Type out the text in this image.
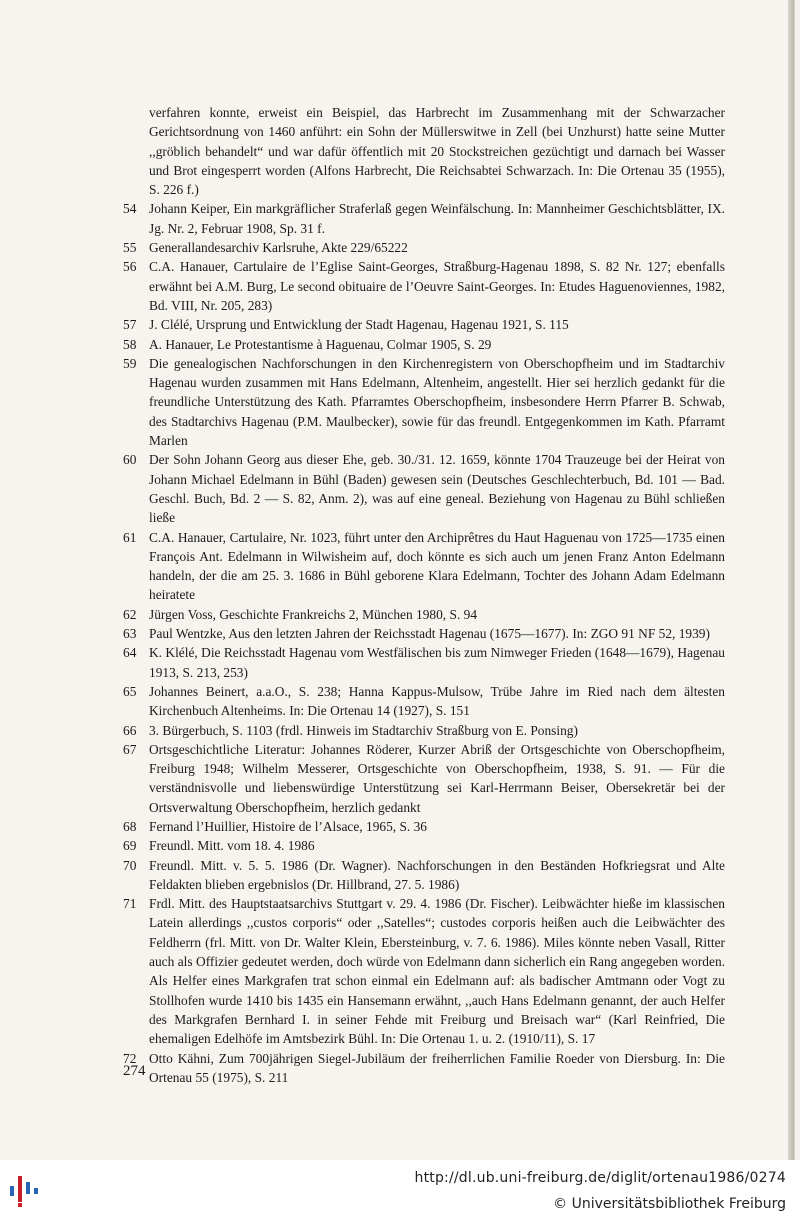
verfahren konnte, erweist ein Beispiel, das Harbrecht im Zusammenhang mit der Schwarzacher Gerichtsordnung von 1460 anführt: ein Sohn der Müllerswitwe in Zell (bei Unzhurst) hatte seine Mutter ,,gröblich behandelt“ und war dafür öffentlich mit 20 Stockstreichen gezüchtigt und darnach bei Wasser und Brot eingesperrt worden (Alfons Harbrecht, Die Reichsabtei Schwarzach. In: Die Ortenau 35 (1955), S. 226 f.)

54 Johann Keiper, Ein markgräflicher Straferlaß gegen Weinfälschung. In: Mannheimer Geschichtsblätter, IX. Jg. Nr. 2, Februar 1908, Sp. 31 f.
55 Generallandesarchiv Karlsruhe, Akte 229/65222
56 C.A. Hanauer, Cartulaire de l’Eglise Saint-Georges, Straßburg-Hagenau 1898, S. 82 Nr. 127; ebenfalls erwähnt bei A.M. Burg, Le second obituaire de l’Oeuvre Saint-Georges. In: Etudes Haguenoviennes, 1982, Bd. VIII, Nr. 205, 283)
57 J. Clélé, Ursprung und Entwicklung der Stadt Hagenau, Hagenau 1921, S. 115
58 A. Hanauer, Le Protestantisme à Haguenau, Colmar 1905, S. 29
59 Die genealogischen Nachforschungen in den Kirchenregistern von Oberschopfheim und im Stadtarchiv Hagenau wurden zusammen mit Hans Edelmann, Altenheim, angestellt. Hier sei herzlich gedankt für die freundliche Unterstützung des Kath. Pfarramtes Oberschopfheim, insbesondere Herrn Pfarrer B. Schwab, des Stadtarchivs Hagenau (P.M. Maulbecker), sowie für das freundl. Entgegenkommen im Kath. Pfarramt Marlen
60 Der Sohn Johann Georg aus dieser Ehe, geb. 30./31. 12. 1659, könnte 1704 Trauzeuge bei der Heirat von Johann Michael Edelmann in Bühl (Baden) gewesen sein (Deutsches Geschlechterbuch, Bd. 101 — Bad. Geschl. Buch, Bd. 2 — S. 82, Anm. 2), was auf eine geneal. Beziehung von Hagenau zu Bühl schließen ließe
61 C.A. Hanauer, Cartulaire, Nr. 1023, führt unter den Archiprêtres du Haut Haguenau von 1725—1735 einen François Ant. Edelmann in Wilwisheim auf, doch könnte es sich auch um jenen Franz Anton Edelmann handeln, der die am 25. 3. 1686 in Bühl geborene Klara Edelmann, Tochter des Johann Adam Edelmann heiratete
62 Jürgen Voss, Geschichte Frankreichs 2, München 1980, S. 94
63 Paul Wentzke, Aus den letzten Jahren der Reichsstadt Hagenau (1675—1677). In: ZGO 91 NF 52, 1939)
64 K. Klélé, Die Reichsstadt Hagenau vom Westfälischen bis zum Nimweger Frieden (1648—1679), Hagenau 1913, S. 213, 253)
65 Johannes Beinert, a.a.O., S. 238; Hanna Kappus-Mulsow, Trübe Jahre im Ried nach dem ältesten Kirchenbuch Altenheims. In: Die Ortenau 14 (1927), S. 151
66 3. Bürgerbuch, S. 1103 (frdl. Hinweis im Stadtarchiv Straßburg von E. Ponsing)
67 Ortsgeschichtliche Literatur: Johannes Röderer, Kurzer Abriß der Ortsgeschichte von Oberschopfheim, Freiburg 1948; Wilhelm Messerer, Ortsgeschichte von Oberschopfheim, 1938, S. 91. — Für die verständnisvolle und liebenswürdige Unterstützung sei Karl-Herrmann Beiser, Obersekretär bei der Ortsverwaltung Oberschopfheim, herzlich gedankt
68 Fernand l’Huillier, Histoire de l’Alsace, 1965, S. 36
69 Freundl. Mitt. vom 18. 4. 1986
70 Freundl. Mitt. v. 5. 5. 1986 (Dr. Wagner). Nachforschungen in den Beständen Hofkriegsrat und Alte Feldakten blieben ergebnislos (Dr. Hillbrand, 27. 5. 1986)
71 Frdl. Mitt. des Hauptstaatsarchivs Stuttgart v. 29. 4. 1986 (Dr. Fischer). Leibwächter hieße im klassischen Latein allerdings ,,custos corporis“ oder ,,Satelles“; custodes corporis heißen auch die Leibwächter des Feldherrn (frl. Mitt. von Dr. Walter Klein, Ebersteinburg, v. 7. 6. 1986). Miles könnte neben Vasall, Ritter auch als Offizier gedeutet werden, doch würde von Edelmann dann sicherlich ein Rang angegeben worden. Als Helfer eines Markgrafen trat schon einmal ein Edelmann auf: als badischer Amtmann oder Vogt zu Stollhofen wurde 1410 bis 1435 ein Hansemann erwähnt, ,,auch Hans Edelmann genannt, der auch Helfer des Markgrafen Bernhard I. in seiner Fehde mit Freiburg und Breisach war“ (Karl Reinfried, Die ehemaligen Edelhöfe im Amtsbezirk Bühl. In: Die Ortenau 1. u. 2. (1910/11), S. 17
72 Otto Kähni, Zum 700jährigen Siegel-Jubiläum der freiherrlichen Familie Roeder von Diersburg. In: Die Ortenau 55 (1975), S. 211
274
http://dl.ub.uni-freiburg.de/diglit/ortenau1986/0274
© Universitätsbibliothek Freiburg
